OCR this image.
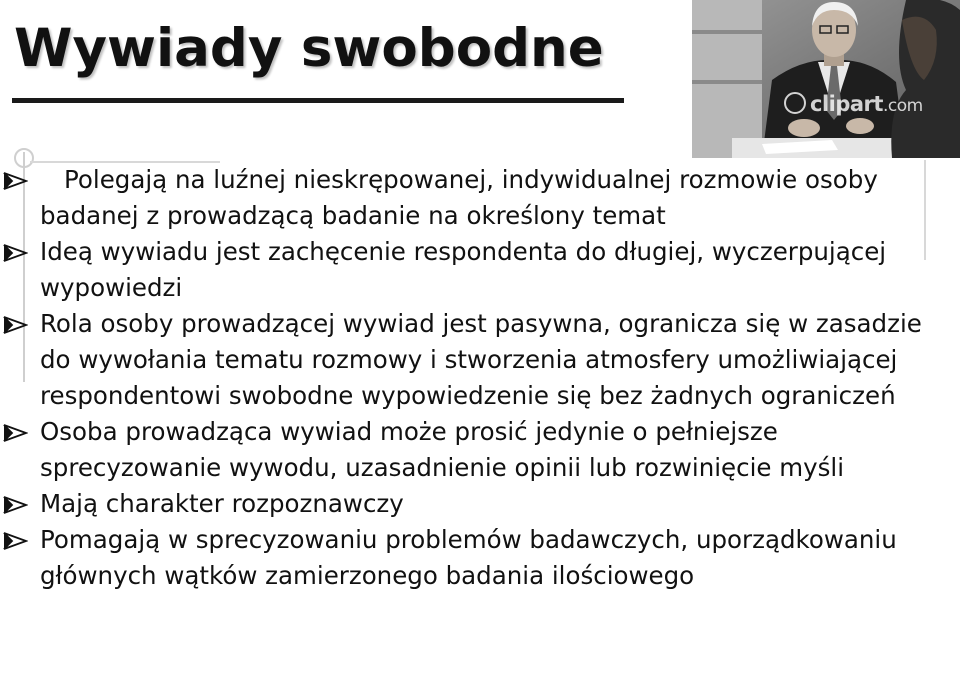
Wywiady swobodne
clipart.com
Polegają na luźnej nieskrępowanej, indywidualnej rozmowie osoby badanej z prowadzącą badanie na określony temat
Ideą wywiadu jest zachęcenie respondenta do długiej, wyczerpującej wypowiedzi
Rola osoby prowadzącej wywiad jest pasywna, ogranicza się w zasadzie do wywołania tematu rozmowy i stworzenia atmosfery umożliwiającej respondentowi swobodne wypowiedzenie się bez żadnych ograniczeń
Osoba prowadząca wywiad może prosić jedynie o pełniejsze sprecyzowanie wywodu, uzasadnienie opinii lub rozwinięcie myśli
Mają charakter rozpoznawczy
Pomagają w sprecyzowaniu problemów badawczych, uporządkowaniu głównych wątków zamierzonego badania ilościowego
